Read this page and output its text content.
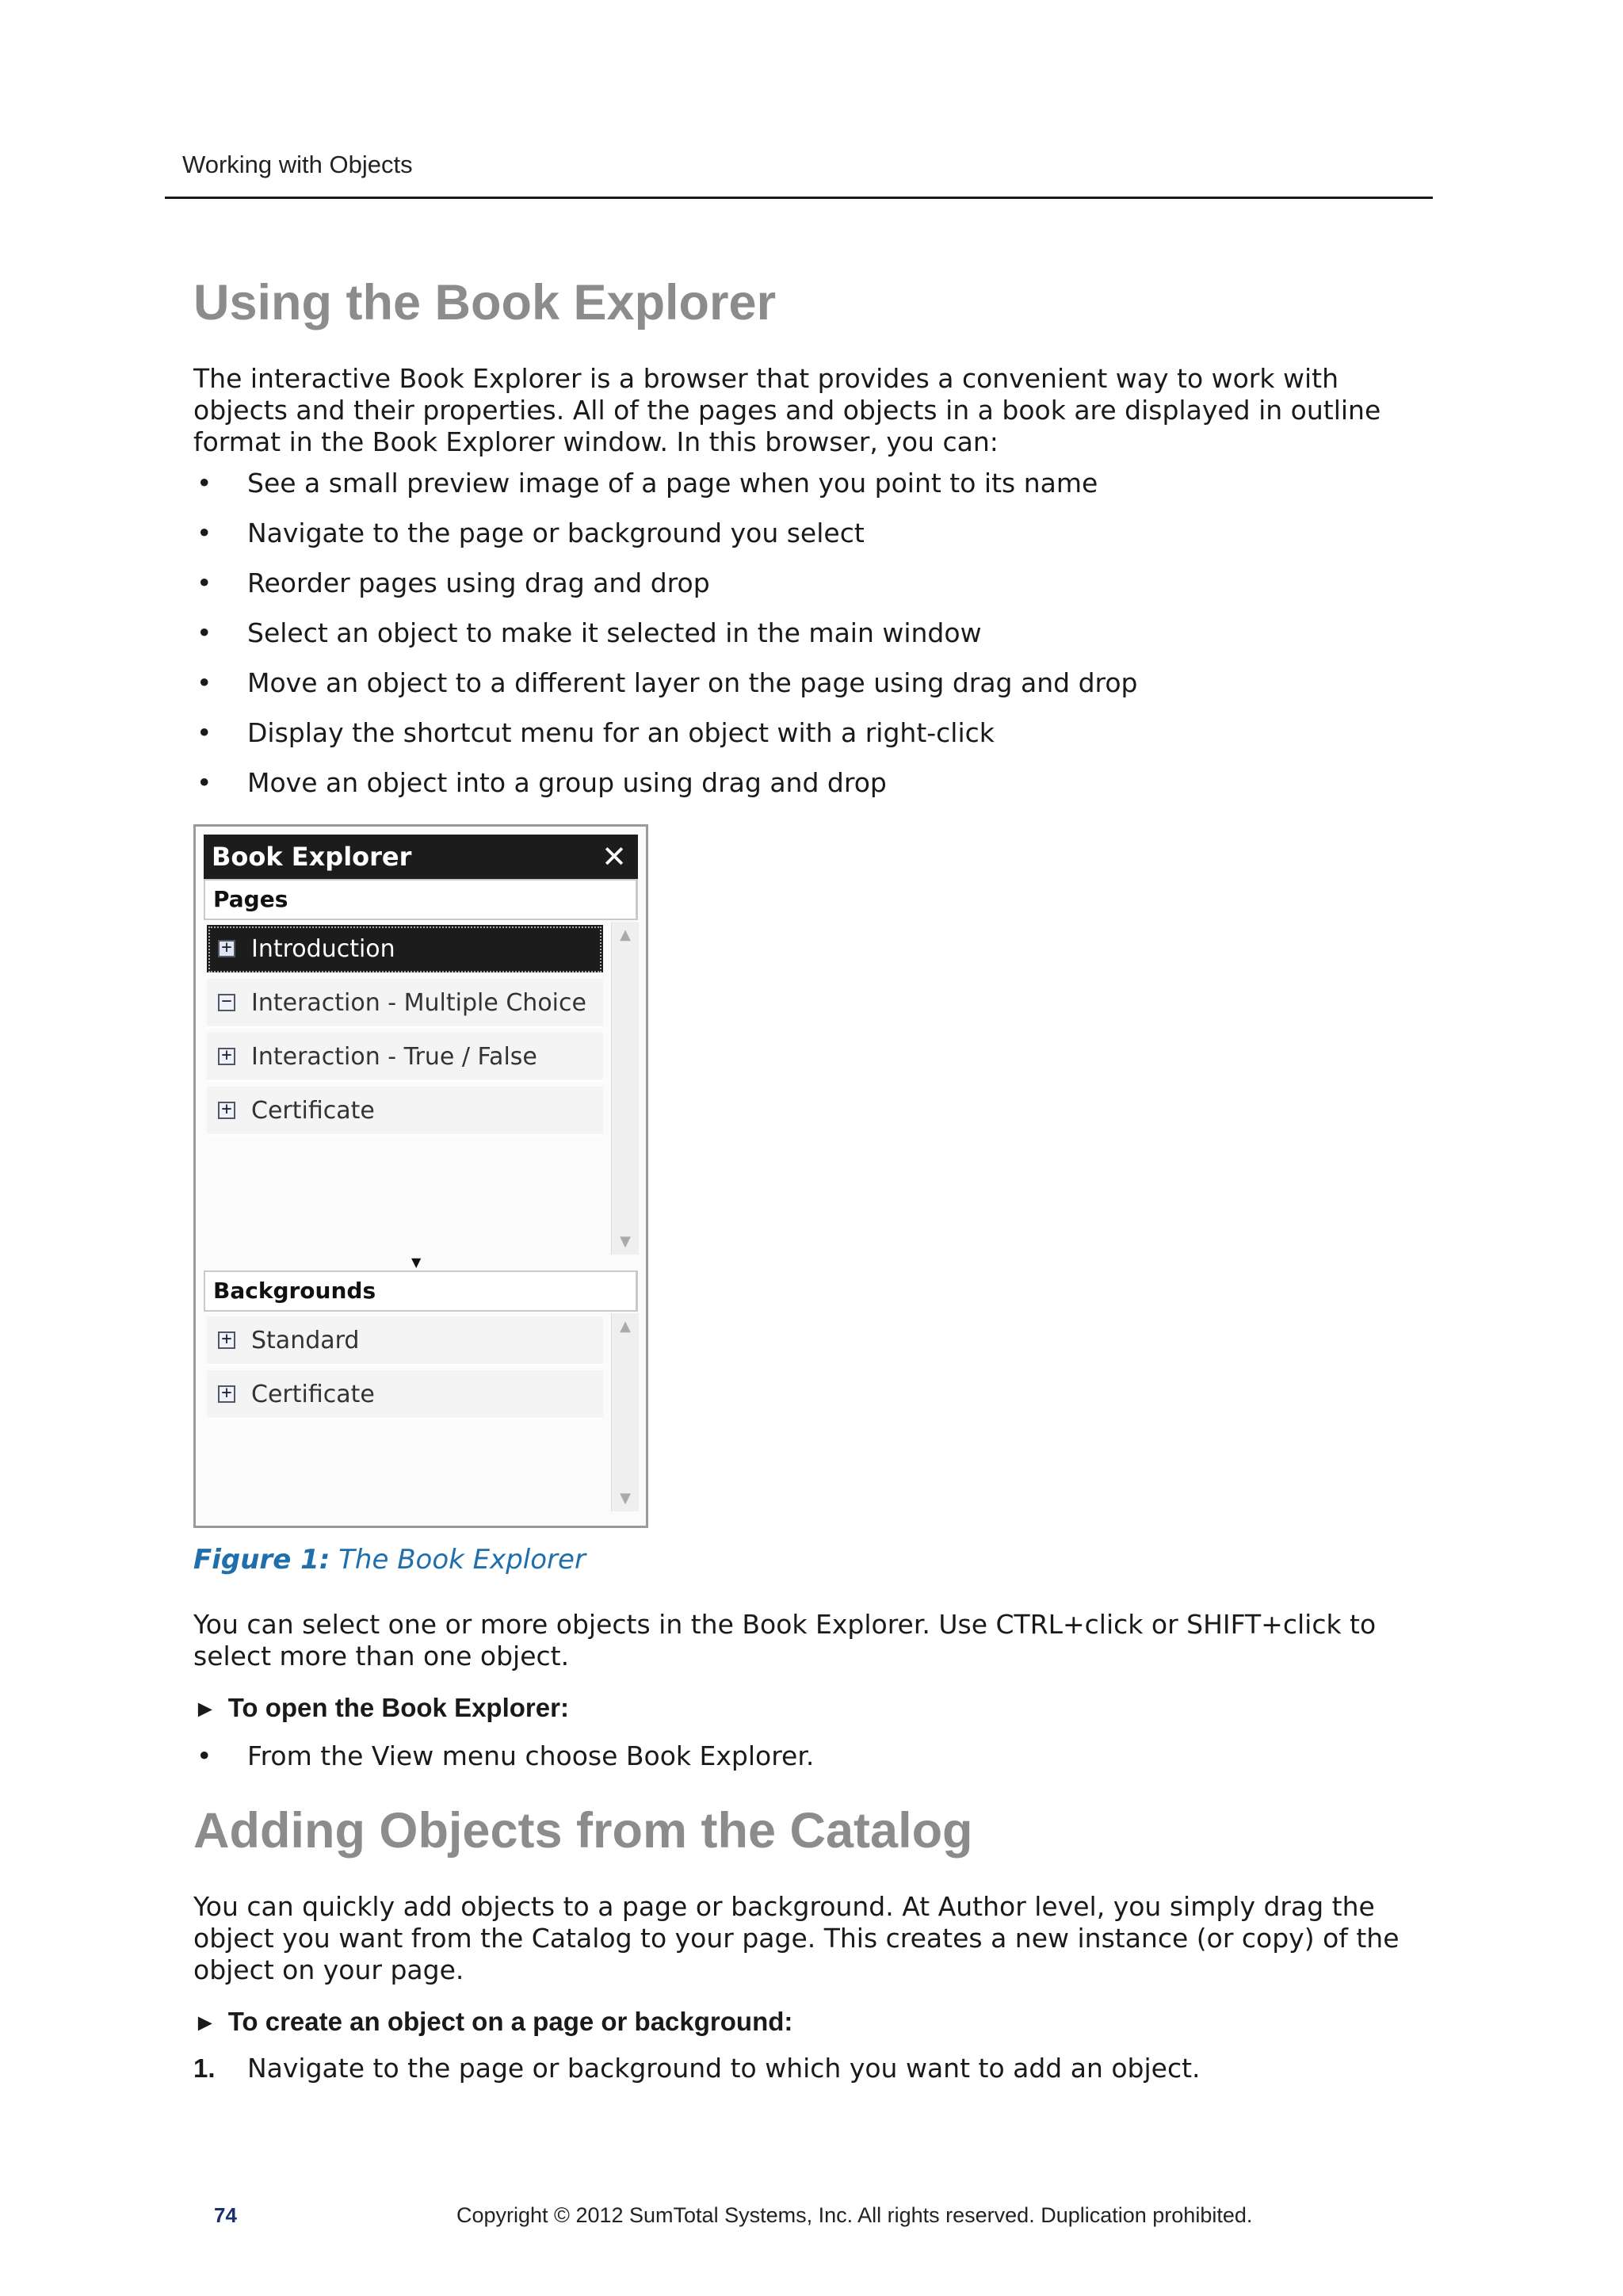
Working with Objects
Using the Book Explorer
The interactive Book Explorer is a browser that provides a convenient way to work with objects and their properties. All of the pages and objects in a book are displayed in outline format in the Book Explorer window. In this browser, you can:
• See a small preview image of a page when you point to its name
• Navigate to the page or background you select
• Reorder pages using drag and drop
• Select an object to make it selected in the main window
• Move an object to a different layer on the page using drag and drop
• Display the shortcut menu for an object with a right-click
• Move an object into a group using drag and drop
Book Explorer	✕
Pages
+ Introduction
− Interaction - Multiple Choice
+ Interaction - True / False
+ Certificate
▲
▼
▼
Backgrounds
+ Standard
+ Certificate
▲
▼
Figure 1: The Book Explorer
You can select one or more objects in the Book Explorer. Use CTRL+click or SHIFT+click to select more than one object.
► To open the Book Explorer:
• From the View menu choose Book Explorer.
Adding Objects from the Catalog
You can quickly add objects to a page or background. At Author level, you simply drag the object you want from the Catalog to your page. This creates a new instance (or copy) of the object on your page.
► To create an object on a page or background:
1. Navigate to the page or background to which you want to add an object.
74	Copyright © 2012 SumTotal Systems, Inc. All rights reserved. Duplication prohibited.
